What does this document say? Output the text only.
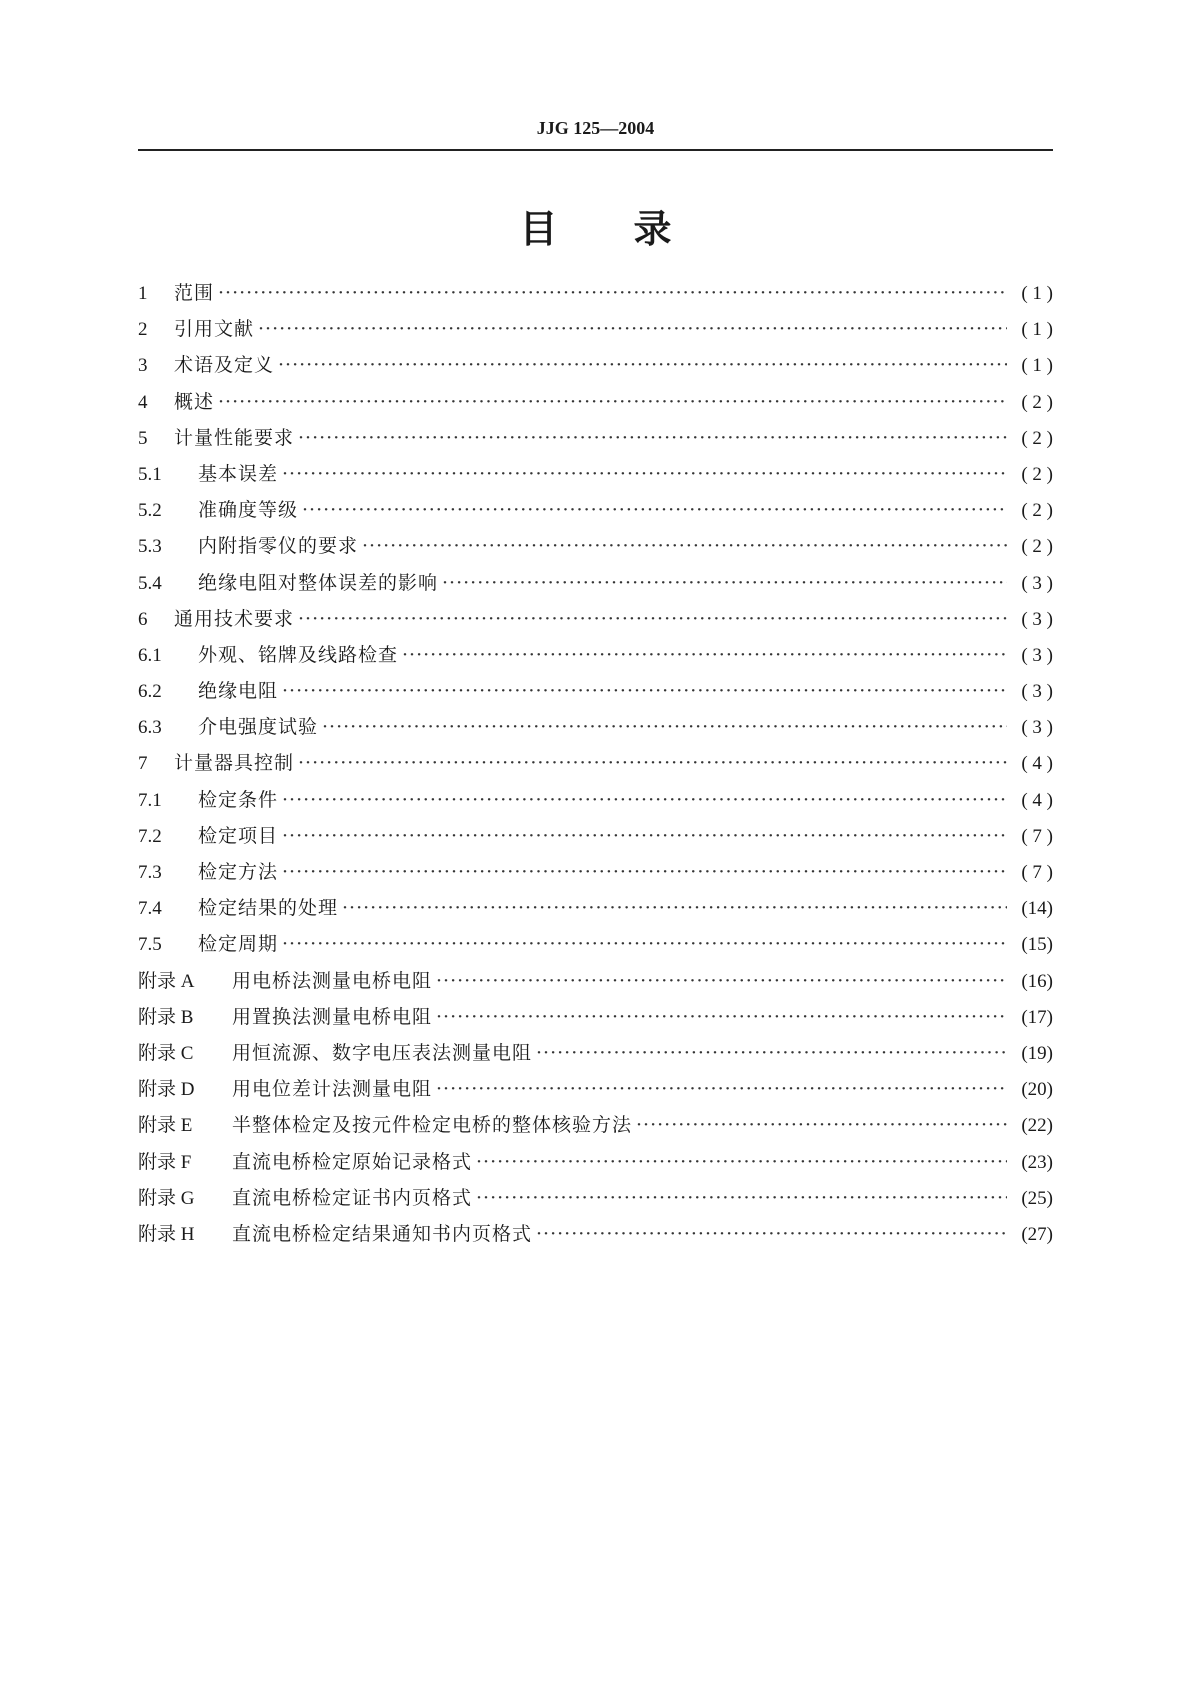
JJG 125—2004
目录
1	范围 ·····	( 1 )
2	引用文献 ·····	( 1 )
3	术语及定义 ·····	( 1 )
4	概述 ·····	( 2 )
5	计量性能要求 ·····	( 2 )
5.1	基本误差 ·····	( 2 )
5.2	准确度等级 ·····	( 2 )
5.3	内附指零仪的要求 ·····	( 2 )
5.4	绝缘电阻对整体误差的影响 ·····	( 3 )
6	通用技术要求 ·····	( 3 )
6.1	外观、铭牌及线路检查 ·····	( 3 )
6.2	绝缘电阻 ·····	( 3 )
6.3	介电强度试验 ·····	( 3 )
7	计量器具控制 ·····	( 4 )
7.1	检定条件 ·····	( 4 )
7.2	检定项目 ·····	( 7 )
7.3	检定方法 ·····	( 7 )
7.4	检定结果的处理 ·····	(14)
7.5	检定周期 ·····	(15)
附录 A	用电桥法测量电桥电阻 ·····	(16)
附录 B	用置换法测量电桥电阻 ·····	(17)
附录 C	用恒流源、数字电压表法测量电阻 ·····	(19)
附录 D	用电位差计法测量电阻 ·····	(20)
附录 E	半整体检定及按元件检定电桥的整体核验方法 ·····	(22)
附录 F	直流电桥检定原始记录格式 ·····	(23)
附录 G	直流电桥检定证书内页格式 ·····	(25)
附录 H	直流电桥检定结果通知书内页格式 ·····	(27)
